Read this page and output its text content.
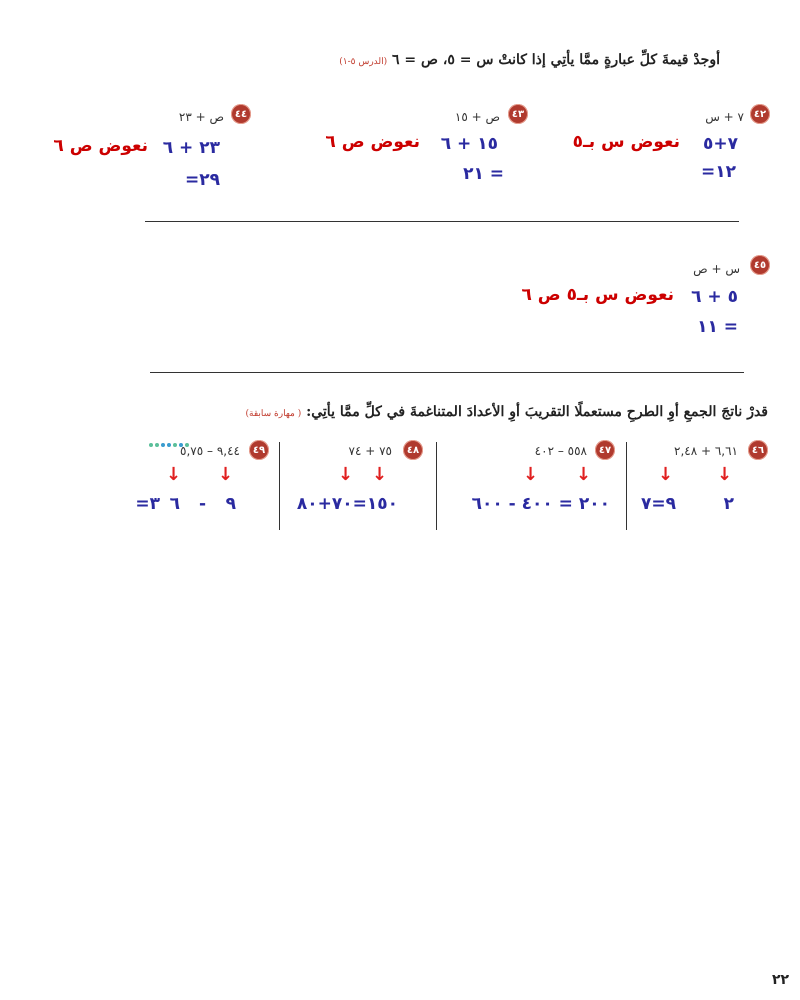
أوجدْ قيمةَ كلِّ عبارةٍ ممَّا يأتِي إذا كانتْ س = ٥، ص = ٦ (الدرس ٥-١)
٤٢
٧ + س
٧+٥
نعوض س بـ٥
١٢=
٤٣
ص + ١٥
١٥ + ٦
نعوض ص ٦
= ٢١
٤٤
ص + ٢٣
٢٣ + ٦
نعوض ص ٦
٢٩=
٤٥
س + ص
٥ + ٦
نعوض س بـ٥ ص ٦
= ١١
قدرْ ناتجَ الجمعِ أوِ الطرحِ مستعملًا التقريبَ أوِ الأعدادَ المتناغمةَ في كلِّ ممَّا يأتِي: ( مهارة سابقة)
٤٦
٦,٦١ + ٢,٤٨
↓
↓
٢
٩=٧
٤٧
٥٥٨ – ٤٠٢
↓
↓
٢٠٠ = ٤٠٠ - ٦٠٠
٤٨
٧٥ + ٧٤
↓
↓
١٥٠=٧٠+٨٠
٤٩
٩,٤٤ – ٥,٧٥
↓
↓
٩
-
٦
٣=
٢٢
